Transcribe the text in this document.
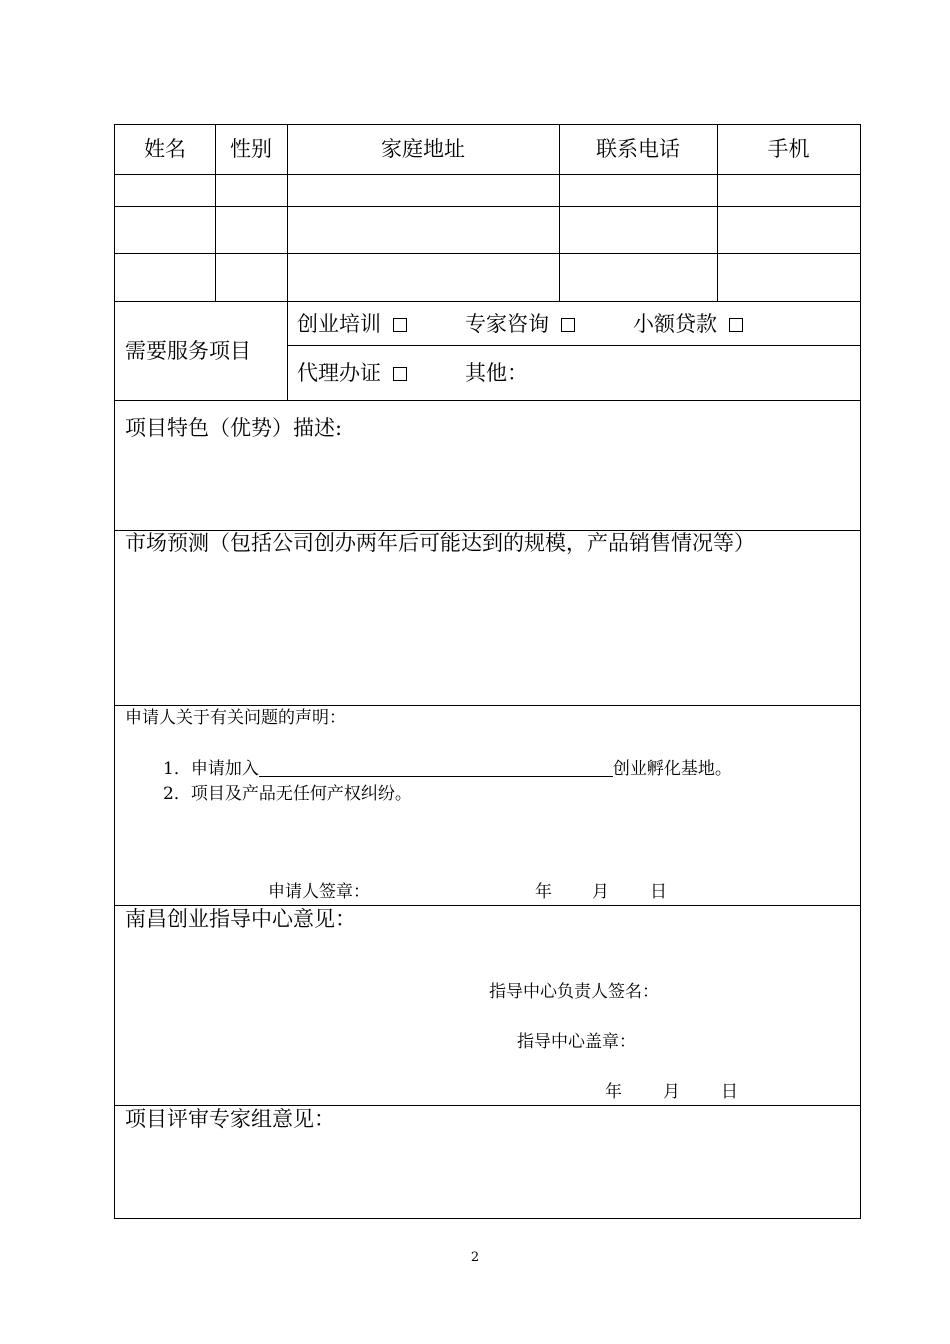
姓名	性别	家庭地址	联系电话	手机
需要服务项目
创业培训	专家咨询	小额贷款
代理办证	其他：
项目特色（优势）描述:
市场预测（包括公司创办两年后可能达到的规模，产品销售情况等）
申请人关于有关问题的声明：
1．申请加入	创业孵化基地。
2．项目及产品无任何产权纠纷。
申请人签章：	年 月 日
南昌创业指导中心意见：
指导中心负责人签名：
指导中心盖章：
年 月 日
项目评审专家组意见：
2
